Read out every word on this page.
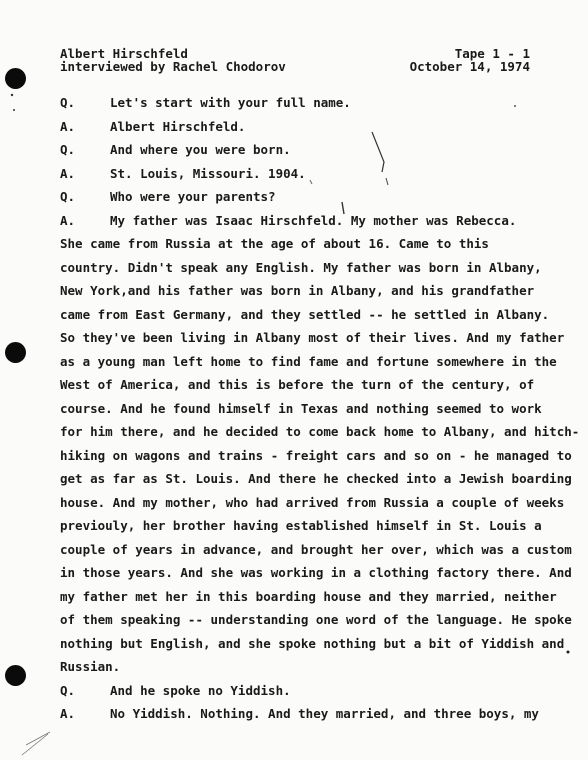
Albert Hirschfeld
interviewed by Rachel Chodorov
Tape 1 - 1
October 14, 1974
Q.	Let's start with your full name.
A.	Albert Hirschfeld.
Q.	And where you were born.
A.	St. Louis, Missouri. 1904.
Q.	Who were your parents?
A.	My father was Isaac Hirschfeld. My mother was Rebecca.
She came from Russia at the age of about 16. Came to this
country. Didn't speak any English. My father was born in Albany,
New York,and his father was born in Albany, and his grandfather
came from East Germany, and they settled -- he settled in Albany.
So they've been living in Albany most of their lives. And my father
as a young man left home to find fame and fortune somewhere in the
West of America, and this is before the turn of the century, of
course. And he found himself in Texas and nothing seemed to work
for him there, and he decided to come back home to Albany, and hitch-
hiking on wagons and trains - freight cars and so on - he managed to
get as far as St. Louis. And there he checked into a Jewish boarding
house. And my mother, who had arrived from Russia a couple of weeks
previouly, her brother having established himself in St. Louis a
couple of years in advance, and brought her over, which was a custom
in those years. And she was working in a clothing factory there. And
my father met her in this boarding house and they married, neither
of them speaking -- understanding one word of the language. He spoke
nothing but English, and she spoke nothing but a bit of Yiddish and
Russian.
Q.	And he spoke no Yiddish.
A.	No Yiddish. Nothing. And they married, and three boys, my
